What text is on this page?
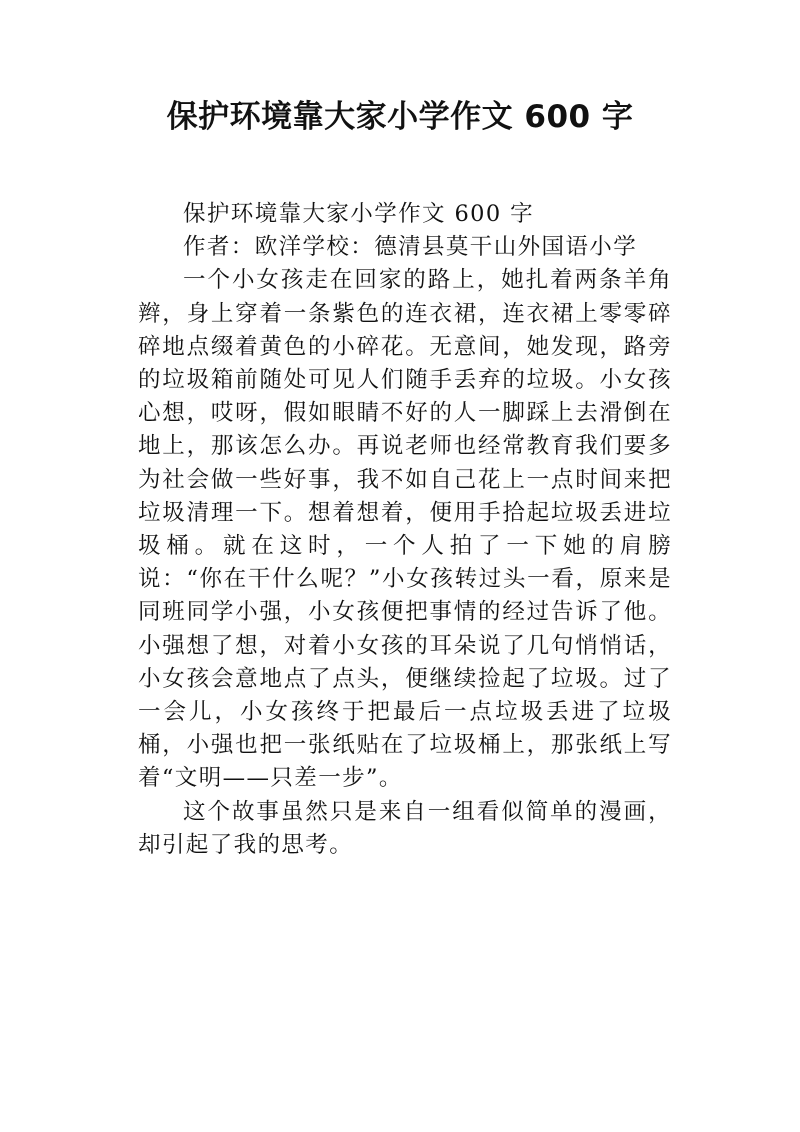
保护环境靠大家小学作文 600 字

保护环境靠大家小学作文 600 字

作者：欧洋学校：德清县莫干山外国语小学

一个小女孩走在回家的路上，她扎着两条羊角辫，身上穿着一条紫色的连衣裙，连衣裙上零零碎碎地点缀着黄色的小碎花。无意间，她发现，路旁的垃圾箱前随处可见人们随手丢弃的垃圾。小女孩心想，哎呀，假如眼睛不好的人一脚踩上去滑倒在地上，那该怎么办。再说老师也经常教育我们要多为社会做一些好事，我不如自己花上一点时间来把垃圾清理一下。想着想着，便用手拾起垃圾丢进垃圾桶。就在这时，一个人拍了一下她的肩膀说：“你在干什么呢？”小女孩转过头一看，原来是同班同学小强，小女孩便把事情的经过告诉了他。小强想了想，对着小女孩的耳朵说了几句悄悄话，小女孩会意地点了点头，便继续捡起了垃圾。过了一会儿，小女孩终于把最后一点垃圾丢进了垃圾桶，小强也把一张纸贴在了垃圾桶上，那张纸上写着“文明——只差一步”。

这个故事虽然只是来自一组看似简单的漫画，却引起了我的思考。
